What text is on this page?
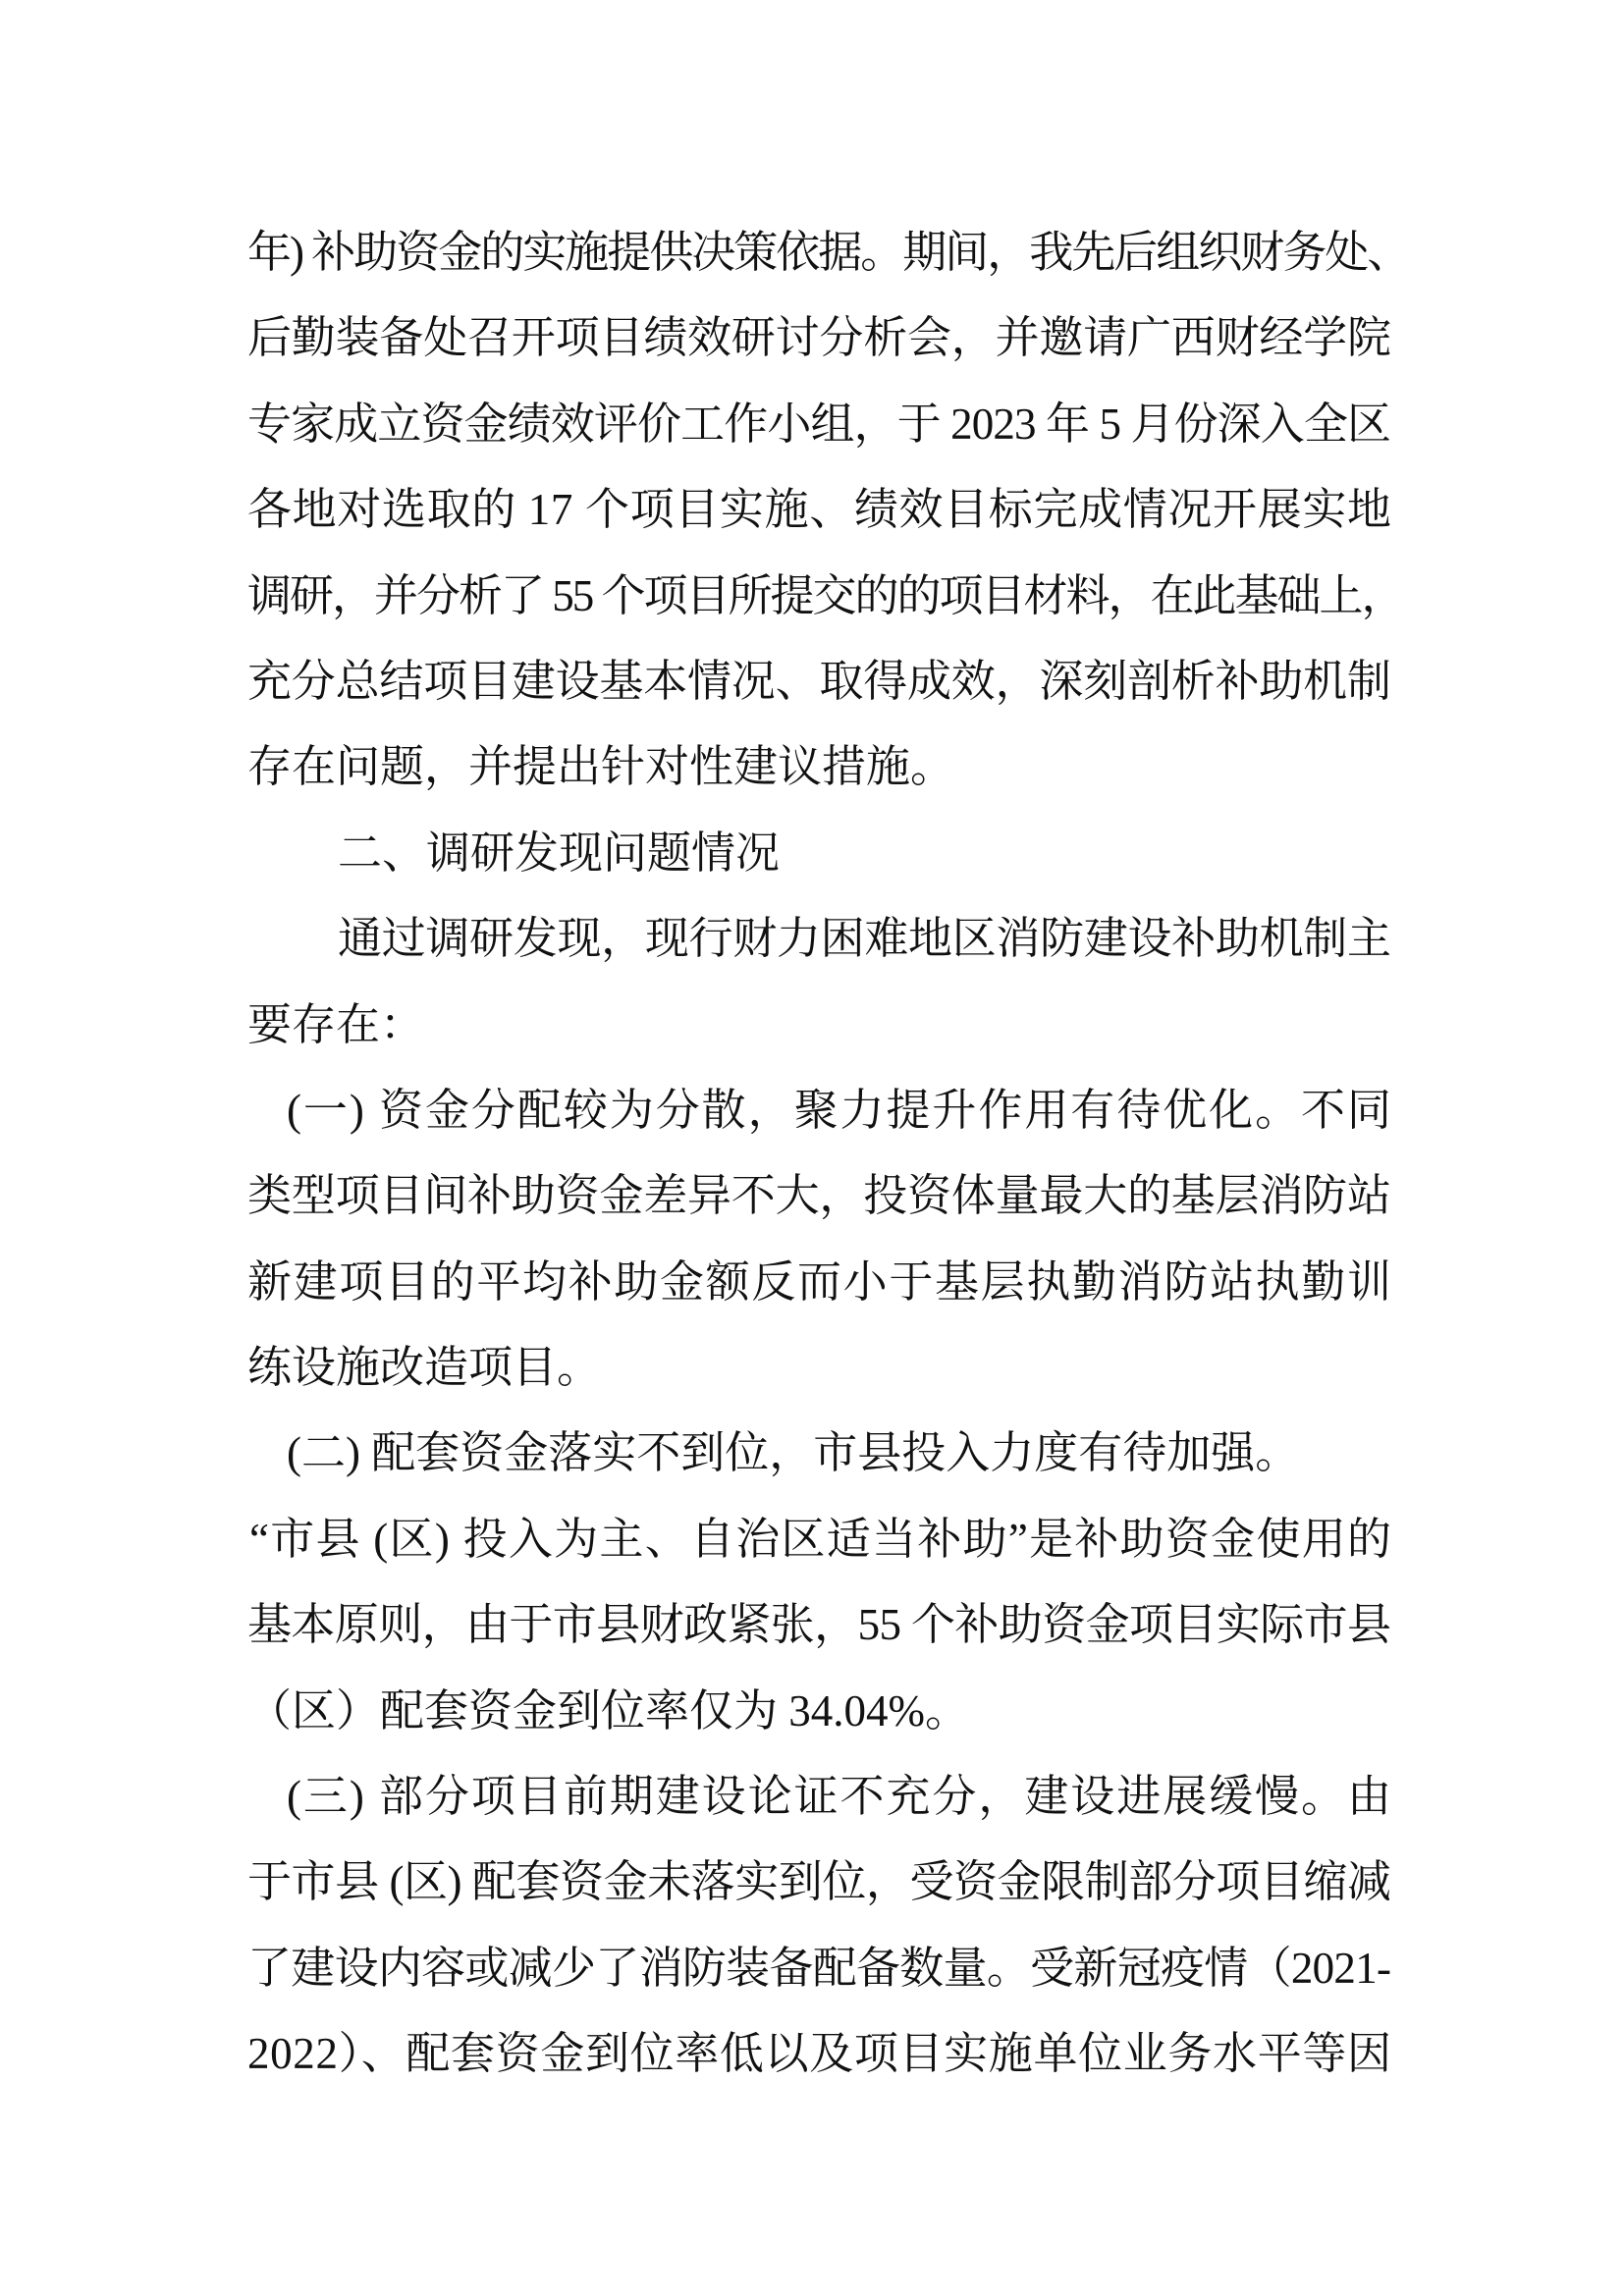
年) 补助资金的实施提供决策依据。期间，我先后组织财务处、
后勤装备处召开项目绩效研讨分析会，并邀请广西财经学院
专家成立资金绩效评价工作小组，于 2023 年 5 月份深入全区
各地对选取的 17 个项目实施、绩效目标完成情况开展实地
调研，并分析了 55 个项目所提交的的项目材料，在此基础上，
充分总结项目建设基本情况、取得成效，深刻剖析补助机制
存在问题，并提出针对性建议措施。
二、调研发现问题情况
通过调研发现，现行财力困难地区消防建设补助机制主
要存在：
(一) 资金分配较为分散，聚力提升作用有待优化。不同
类型项目间补助资金差异不大，投资体量最大的基层消防站
新建项目的平均补助金额反而小于基层执勤消防站执勤训
练设施改造项目。
(二) 配套资金落实不到位，市县投入力度有待加强。
“市县 (区) 投入为主、自治区适当补助”是补助资金使用的
基本原则，由于市县财政紧张，55 个补助资金项目实际市县
（区）配套资金到位率仅为 34.04%。
(三) 部分项目前期建设论证不充分，建设进展缓慢。由
于市县 (区) 配套资金未落实到位，受资金限制部分项目缩减
了建设内容或减少了消防装备配备数量。受新冠疫情（2021-
2022）、配套资金到位率低以及项目实施单位业务水平等因
